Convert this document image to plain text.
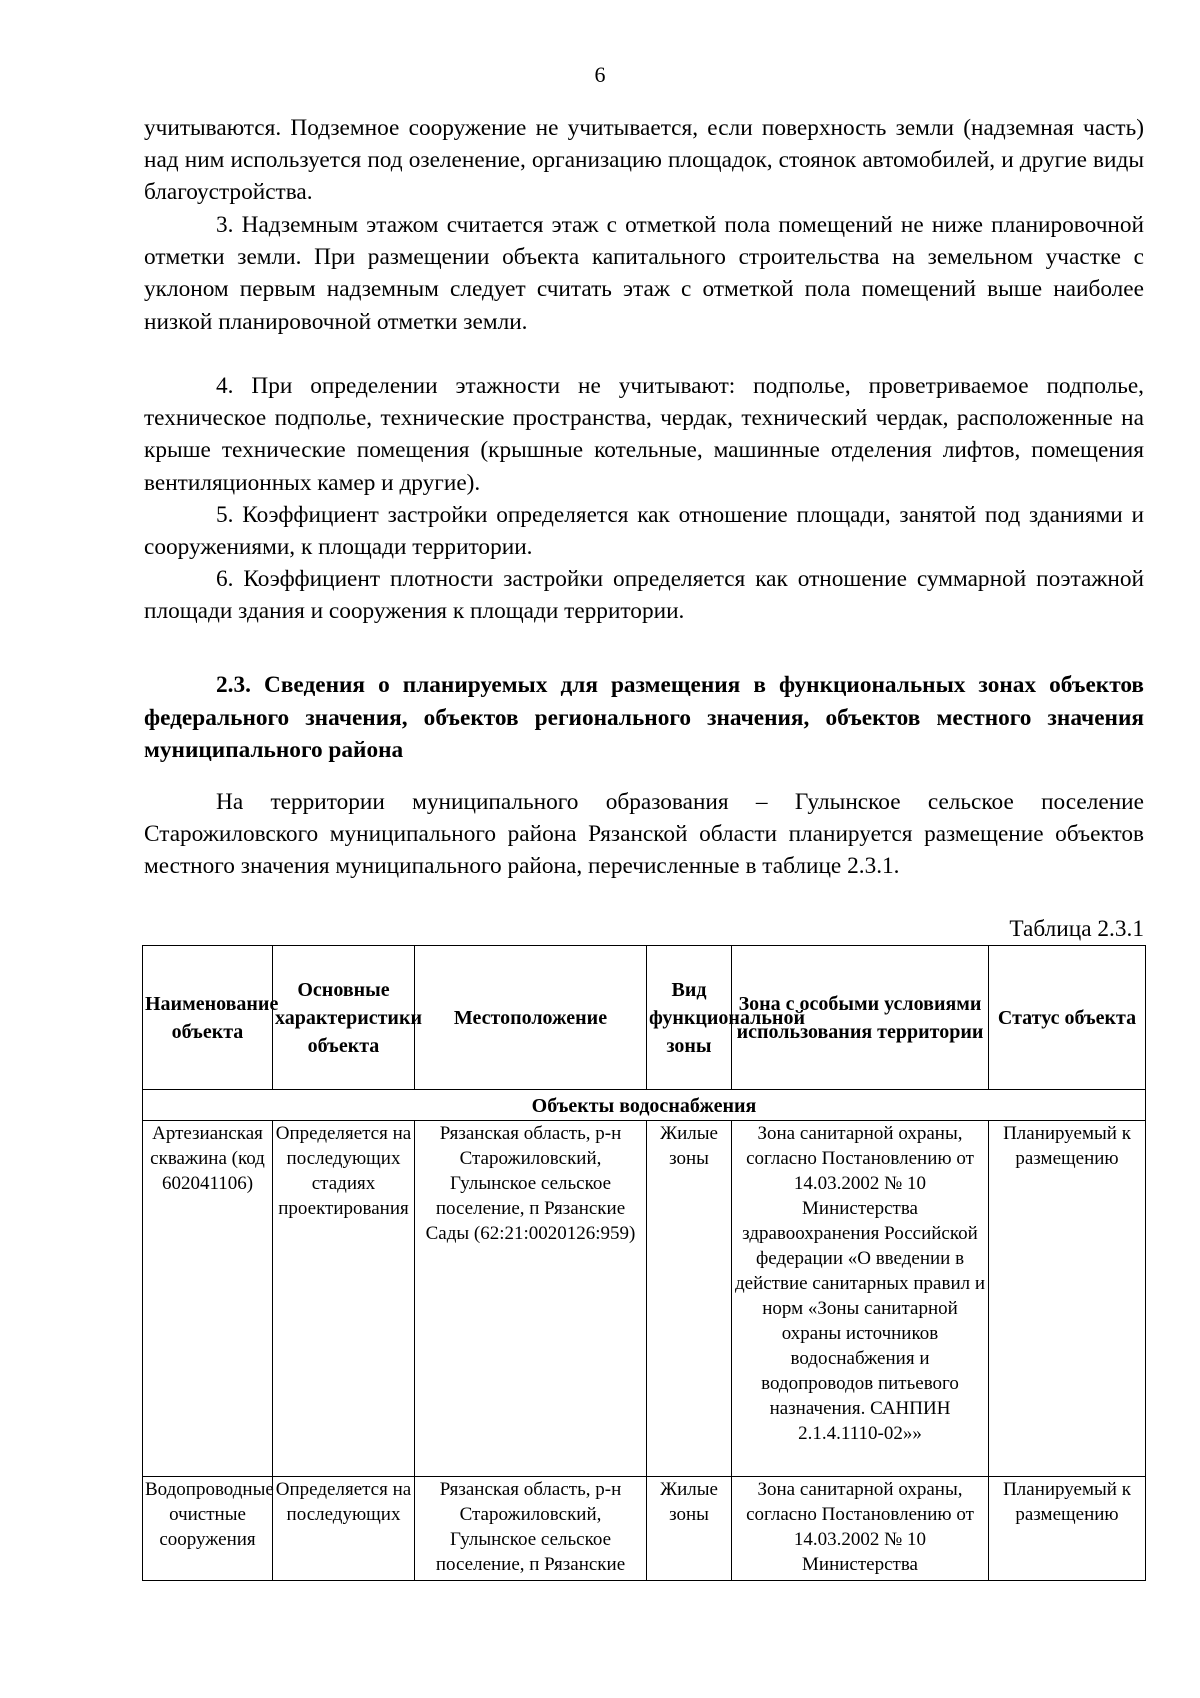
6

учитываются. Подземное сооружение не учитывается, если поверхность земли (надземная часть) над ним используется под озеленение, организацию площадок, стоянок автомобилей, и другие виды благоустройства.

3. Надземным этажом считается этаж с отметкой пола помещений не ниже планировочной отметки земли. При размещении объекта капитального строительства на земельном участке с уклоном первым надземным следует считать этаж с отметкой пола помещений выше наиболее низкой планировочной отметки земли.

4. При определении этажности не учитывают: подполье, проветриваемое подполье, техническое подполье, технические пространства, чердак, технический чердак, расположенные на крыше технические помещения (крышные котельные, машинные отделения лифтов, помещения вентиляционных камер и другие).

5. Коэффициент застройки определяется как отношение площади, занятой под зданиями и сооружениями, к площади территории.

6. Коэффициент плотности застройки определяется как отношение суммарной поэтажной площади здания и сооружения к площади территории.

2.3. Сведения о планируемых для размещения в функциональных зонах объектов федерального значения, объектов регионального значения, объектов местного значения муниципального района

На территории муниципального образования – Гулынское сельское поселение Старожиловского муниципального района Рязанской области планируется размещение объектов местного значения муниципального района, перечисленные в таблице 2.3.1.

Таблица 2.3.1
Наименование объекта	Основные характеристики объекта	Местоположение	Вид функциональной зоны	Зона с особыми условиями использования территории	Статус объекта
Объекты водоснабжения					
Артезианская скважина (код 602041106)	Определяется на последующих стадиях проектирования	Рязанская область, р-н Старожиловский, Гулынское сельское поселение, п Рязанские Сады (62:21:0020126:959)	Жилые зоны	Зона санитарной охраны, согласно Постановлению от 14.03.2002 № 10 Министерства здравоохранения Российской федерации «О введении в действие санитарных правил и норм «Зоны санитарной охраны источников водоснабжения и водопроводов питьевого назначения. САНПИН 2.1.4.1110-02»»	Планируемый к размещению
Водопроводные очистные сооружения	Определяется на последующих	Рязанская область, р-н Старожиловский, Гулынское сельское поселение, п Рязанские	Жилые зоны	Зона санитарной охраны, согласно Постановлению от 14.03.2002 № 10 Министерства	Планируемый к размещению
